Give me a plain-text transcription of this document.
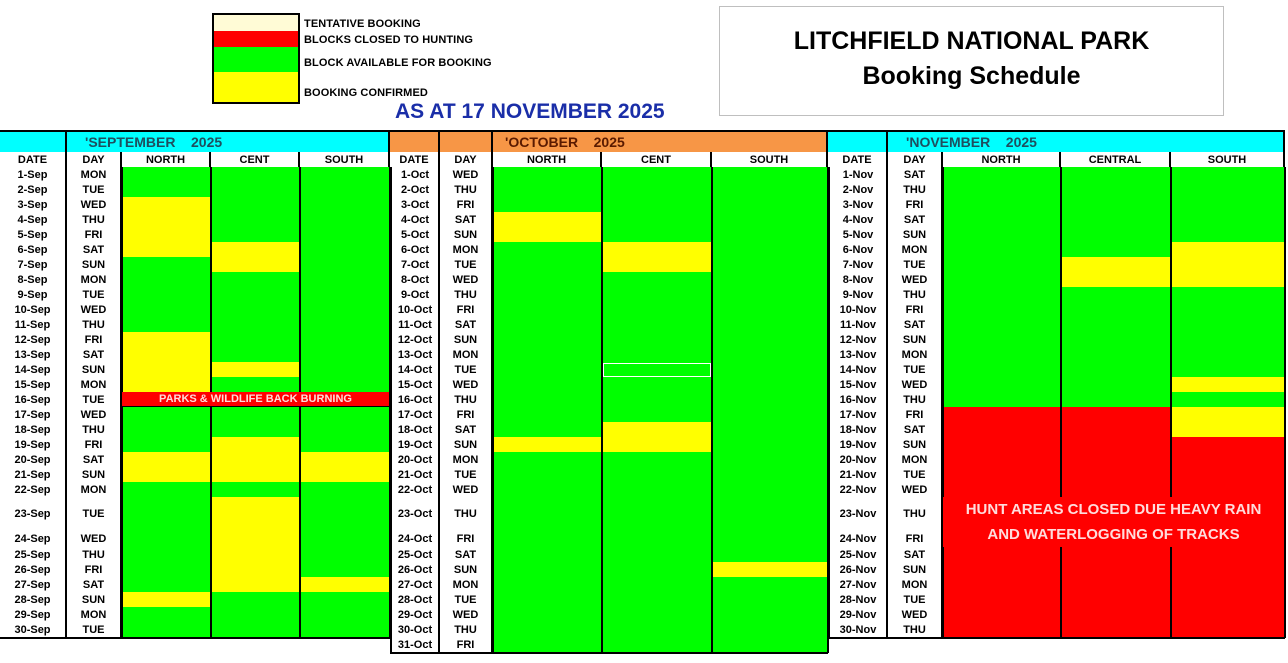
TENTATIVE BOOKING
BLOCKS CLOSED TO HUNTING
BLOCK AVAILABLE FOR BOOKING
BOOKING CONFIRMED
AS AT 17 NOVEMBER 2025
LITCHFIELD NATIONAL PARK
Booking Schedule
'SEPTEMBER    2025
DATE	DAY	NORTH	CENT	SOUTH
1-Sep	MON
2-Sep	TUE
3-Sep	WED
4-Sep	THU
5-Sep	FRI
6-Sep	SAT
7-Sep	SUN
8-Sep	MON
9-Sep	TUE
10-Sep	WED
11-Sep	THU
12-Sep	FRI
13-Sep	SAT
14-Sep	SUN
15-Sep	MON
16-Sep	TUE
17-Sep	WED
18-Sep	THU
19-Sep	FRI
20-Sep	SAT
21-Sep	SUN
22-Sep	MON
23-Sep	TUE
24-Sep	WED
25-Sep	THU
26-Sep	FRI
27-Sep	SAT
28-Sep	SUN
29-Sep	MON
30-Sep	TUE
'OCTOBER    2025
DATE	DAY	NORTH	CENT	SOUTH
1-Oct	WED
2-Oct	THU
3-Oct	FRI
4-Oct	SAT
5-Oct	SUN
6-Oct	MON
7-Oct	TUE
8-Oct	WED
9-Oct	THU
10-Oct	FRI
11-Oct	SAT
12-Oct	SUN
13-Oct	MON
14-Oct	TUE
15-Oct	WED
16-Oct	THU
17-Oct	FRI
18-Oct	SAT
19-Oct	SUN
20-Oct	MON
21-Oct	TUE
22-Oct	WED
23-Oct	THU
24-Oct	FRI
25-Oct	SAT
26-Oct	SUN
27-Oct	MON
28-Oct	TUE
29-Oct	WED
30-Oct	THU
31-Oct	FRI
'NOVEMBER    2025
DATE	DAY	NORTH	CENTRAL	SOUTH
1-Nov	SAT
2-Nov	THU
3-Nov	FRI
4-Nov	SAT
5-Nov	SUN
6-Nov	MON
7-Nov	TUE
8-Nov	WED
9-Nov	THU
10-Nov	FRI
11-Nov	SAT
12-Nov	SUN
13-Nov	MON
14-Nov	TUE
15-Nov	WED
16-Nov	THU
17-Nov	FRI
18-Nov	SAT
19-Nov	SUN
20-Nov	MON
21-Nov	TUE
22-Nov	WED
23-Nov	THU
24-Nov	FRI
25-Nov	SAT
26-Nov	SUN
27-Nov	MON
28-Nov	TUE
29-Nov	WED
30-Nov	THU
PARKS & WILDLIFE BACK BURNING
HUNT AREAS CLOSED DUE HEAVY RAIN
AND WATERLOGGING OF TRACKS
